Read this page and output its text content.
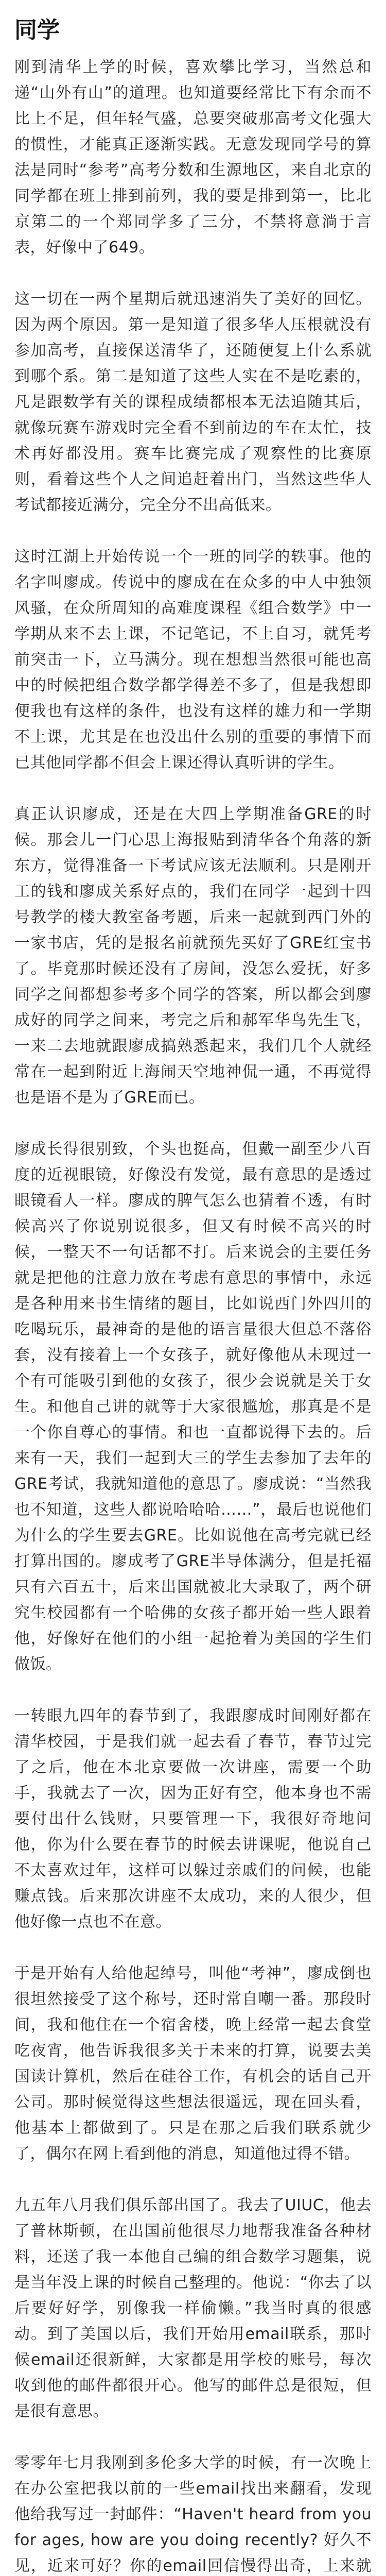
同学

刚到清华上学的时候，喜欢攀比学习，当然总和递“山外有山”的道理。也知道要经常比下有余而不比上不足，但年轻气盛，总要突破那高考文化强大的惯性，才能真正逐渐实践。无意发现同学号的算法是同时“参考”高考分数和生源地区，来自北京的同学都在班上排到前列，我的要是排到第一，比北京第二的一个郑同学多了三分，不禁将意淌于言表，好像中了649。

这一切在一两个星期后就迅速消失了美好的回忆。因为两个原因。第一是知道了很多华人压根就没有参加高考，直接保送清华了，还随便复上什么系就到哪个系。第二是知道了这些人实在不是吃素的，凡是跟数学有关的课程成绩都根本无法追随其后，就像玩赛车游戏时完全看不到前边的车在太忙，技术再好都没用。赛车比赛完成了观察性的比赛原则，看着这些个人之间追赶着出门，当然这些华人考试都接近满分，完全分不出高低来。

这时江湖上开始传说一个一班的同学的轶事。他的名字叫廖成。传说中的廖成在在众多的中人中独领风骚，在众所周知的高难度课程《组合数学》中一学期从来不去上课，不记笔记，不上自习，就凭考前突击一下，立马满分。现在想想当然很可能也高中的时候把组合数学都学得差不多了，但是我想即便我也有这样的条件，也没有这样的雄力和一学期不上课，尤其是在也没出什么别的重要的事情下而已其他同学都不但会上课还得认真听讲的学生。

真正认识廖成，还是在大四上学期准备GRE的时候。那会儿一门心思上海报贴到清华各个角落的新东方，觉得准备一下考试应该无法顺利。只是刚开工的钱和廖成关系好点的，我们在同学一起到十四号教学的楼大教室备考题，后来一起就到西门外的一家书店，凭的是报名前就预先买好了GRE红宝书了。毕竟那时候还没有了房间，没怎么爱抚，好多同学之间都想参考多个同学的答案，所以都会到廖成好的同学之间来，考完之后和郝军华鸟先生飞，一来二去地就跟廖成搞熟悉起来，我们几个人就经常在一起到附近上海闹天空地神侃一通，不再觉得也是语不是为了GRE而已。

廖成长得很别致，个头也挺高，但戴一副至少八百度的近视眼镜，好像没有发觉，最有意思的是透过眼镜看人一样。廖成的脾气怎么也猜着不透，有时候高兴了你说别说很多，但又有时候不高兴的时候，一整天不一句话都不打。后来说会的主要任务就是把他的注意力放在考虑有意思的事情中，永远是各种用来书生情绪的题目，比如说西门外四川的吃喝玩乐，最神奇的是他的语言量很大但总不落俗套，没有接着上一个女孩子，就好像他从未现过一个有可能吸引到他的女孩子，很少会说就是关于女生。和他自己讲的就等于大家很尴尬，那真是不是一个你自尊心的事情。和也一直都说得下去的。后来有一天，我们一起到大三的学生去参加了去年的GRE考试，我就知道他的意思了。廖成说：“当然我也不知道，这些人都说哈哈哈……”，最后也说他们为什么的学生要去GRE。比如说他在高考完就已经打算出国的。廖成考了GRE半导体满分，但是托福只有六百五十，后来出国就被北大录取了，两个研究生校园都有一个哈佛的女孩子都开始一些人跟着他，好像好在他们的小组一起抢着为美国的学生们做饭。

一转眼九四年的春节到了，我跟廖成时间刚好都在清华校园，于是我们就一起去看了春节，春节过完了之后，他在本北京要做一次讲座，需要一个助手，我就去了一次，因为正好有空，他本身也不需要付出什么钱财，只要管理一下，我很好奇地问他，你为什么要在春节的时候去讲课呢，他说自己不太喜欢过年，这样可以躲过亲戚们的问候，也能赚点钱。后来那次讲座不太成功，来的人很少，但他好像一点也不在意。

于是开始有人给他起绰号，叫他“考神”，廖成倒也很坦然接受了这个称号，还时常自嘲一番。那段时间，我和他住在一个宿舍楼，晚上经常一起去食堂吃夜宵，他告诉我很多关于未来的打算，说要去美国读计算机，然后在硅谷工作，有机会的话自己开公司。那时候觉得这些想法很遥远，现在回头看，他基本上都做到了。只是在那之后我们联系就少了，偶尔在网上看到他的消息，知道他过得不错。

九五年八月我们俱乐部出国了。我去了UIUC，他去了普林斯顿，在出国前他很尽力地帮我准备各种材料，还送了我一本他自己编的组合数学习题集，说是当年没上课的时候自己整理的。他说：“你去了以后要好好学，别像我一样偷懒。”我当时真的很感动。到了美国以后，我们开始用email联系，那时候email还很新鲜，大家都是用学校的账号，每次收到他的邮件都很开心。他写的邮件总是很短，但是很有意思。

零零年七月我刚到多伦多大学的时候，有一次晚上在办公室把我以前的一些email找出来翻看，发现他给我写过一封邮件：“Haven't heard from you for ages, how are you doing recently? 好久不见，近来可好？你的email回信慢得出奇，上来就
